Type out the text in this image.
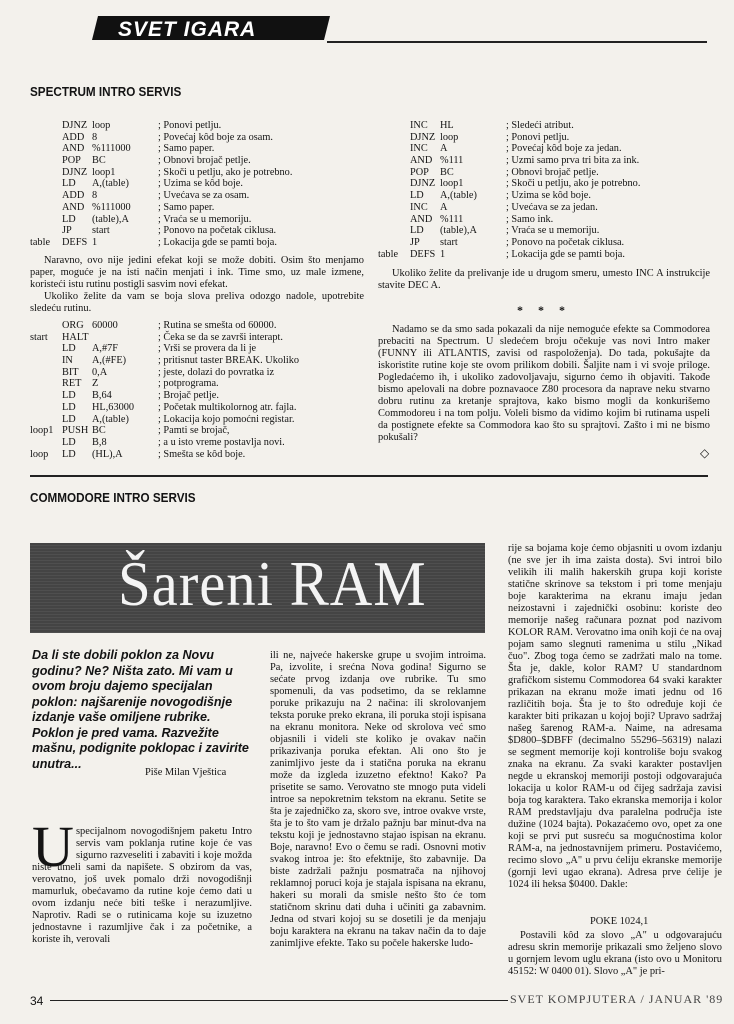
SVET IGARA
SPECTRUM INTRO SERVIS
DJNZ loop	; Ponovi petlju.
ADD 8	; Povećaj kôd boje za osam.
AND %111000	; Samo paper.
POP BC	; Obnovi brojač petlje.
DJNZ loop1	; Skoči u petlju, ako je potrebno.
LD A,(table)	; Uzima se kôd boje.
ADD 8	; Uvećava se za osam.
AND %111000	; Samo paper.
LD (table),A	; Vraća se u memoriju.
JP start	; Ponovo na početak ciklusa.
table DEFS 1	; Lokacija gde se pamti boja.

Naravno, ovo nije jedini efekat koji se može dobiti. Osim što menjamo paper, moguće je na isti način menjati i ink. Time smo, uz male izmene, koristeći istu rutinu postigli sasvim novi efekat.

Ukoliko želite da vam se boja slova preliva odozgo nadole, upotrebite sledeću rutinu.

ORG 60000	; Rutina se smešta od 60000.
start HALT	; Čeka se da se završi interapt.
LD A,#7F	; Vrši se provera da li je
IN A,(#FE)	; pritisnut taster BREAK. Ukoliko
BIT 0,A	; jeste, dolazi do povratka iz
RET Z	; potprograma.
LD B,64	; Brojač petlje.
LD HL,63000 ; Početak multikolornog atr. fajla.
LD A,(table)	; Lokacija kojo pomoćni registar.
loop1 PUSH BC	; Pamti se brojač,
LD B,8	; a u isto vreme postavlja novi.
loop LD (HL),A	; Smešta se kôd boje.
INC HL	; Sledeći atribut.
DJNZ loop	; Ponovi petlju.
INC A	; Povećaj kôd boje za jedan.
AND %111	; Uzmi samo prva tri bita za ink.
POP BC	; Obnovi brojač petlje.
DJNZ loop1	; Skoči u petlju, ako je potrebno.
LD A,(table)	; Uzima se kôd boje.
INC A	; Uvećava se za jedan.
AND %111	; Samo ink.
LD (table),A	; Vraća se u memoriju.
JP start	; Ponovo na početak ciklusa.
table DEFS 1	; Lokacija gde se pamti boja.

Ukoliko želite da prelivanje ide u drugom smeru, umesto INC A instrukcije stavite DEC A.

* * *

Nadamo se da smo sada pokazali da nije nemoguće efekte sa Commodorea prebaciti na Spectrum. U sledećem broju očekuje vas novi Intro maker (FUNNY ili ATLANTIS, zavisi od raspoloženja). Do tada, pokušajte da iskoristite rutine koje ste ovom prilikom dobili. Šaljite nam i vi svoje priloge. Pogledaćemo ih, i ukoliko zadovoljavaju, sigurno ćemo ih objaviti. Takođe bismo apelovali na dobre poznavaoce Z80 procesora da naprave neku stvarno dobru rutinu za kretanje sprajtova, kako bismo mogli da konkurišemo Commodoreu i na tom polju. Voleli bismo da vidimo kojim bi rutinama uspeli da postignete efekte sa Commodora kao što su sprajtovi. Zašto i mi ne bismo pokušali?

◇
COMMODORE INTRO SERVIS
Šareni RAM
Da li ste dobili poklon za Novu godinu? Ne? Ništa zato. Mi vam u ovom broju dajemo specijalan poklon: najšarenije novogodišnje izdanje vaše omiljene rubrike. Poklon je pred vama. Razvežite mašnu, podignite poklopac i zavirite unutra...
Piše Milan Vještica
U specijalnom novogodišnjem paketu Intro servis vam poklanja rutine koje će vas sigurno razveseliti i zabaviti i koje možda niste umeli sami da napišete. S obzirom da vas, verovatno, još uvek pomalo drži novogodišnji mamurluk, obećavamo da rutine koje ćemo dati u ovom izdanju neće biti teške i nerazumljive. Naprotiv. Radi se o rutinicama koje su izuzetno jednostavne i razumljive čak i za početnike, a koriste ih, verovali
ili ne, najveće hakerske grupe u svojim introima. Pa, izvolite, i srećna Nova godina! Sigurno se sećate prvog izdanja ove rubrike. Tu smo spomenuli, da vas podsetimo, da se reklamne poruke prikazuju na 2 načina: ili skrolovanjem teksta poruke preko ekrana, ili poruka stoji ispisana na ekranu monitora. Neke od skrolova već smo objasnili i videli ste koliko je ovakav način prikazivanja poruka efektan. Ali ono što je zanimljivo jeste da i statična poruka na ekranu može da izgleda izuzetno efektno! Kako? Pa prisetite se samo. Verovatno ste mnogo puta videli introe sa nepokretnim tekstom na ekranu. Setite se šta je zajedničko za, skoro sve, introe ovakve vrste, šta je to što vam je držalo pažnju bar minut-dva na tekstu koji je jednostavno stajao ispisan na ekranu. Boje, naravno! Evo o čemu se radi. Osnovni motiv svakog introa je: što efektnije, što zabavnije. Da biste zadržali pažnju posmatrača na njihovoj reklamnoj poruci koja je stajala ispisana na ekranu, hakeri su morali da smisle nešto što će tom statičnom skrinu dati duha i učiniti ga zabavnim. Jedna od stvari kojoj su se dosetili je da menjaju boju karaktera na ekranu na takav način da to daje zanimljive efekte. Tako su počele hakerske ludo-
rije sa bojama koje ćemo objasniti u ovom izdanju (ne sve jer ih ima zaista dosta). Svi introi bilo velikih ili malih hakerskih grupa koji koriste statične skrinove sa tekstom i pri tome menjaju boje karakterima na ekranu imaju jedan neizostavni i zajednički osobinu: koriste deo memorije našeg računara poznat pod nazivom KOLOR RAM. Verovatno ima onih koji će na ovaj pojam samo slegnuti ramenima u stilu „Nikad čuo". Zbog toga ćemo se zadržati malo na tome. Šta je, dakle, kolor RAM? U standardnom grafičkom sistemu Commodorea 64 svaki karakter prikazan na ekranu može imati jednu od 16 različitih boja. Šta je to što određuje koji će karakter biti prikazan u kojoj boji? Upravo sadržaj našeg šarenog RAM-a. Naime, na adresama $D800–$DBFF (decimalno 55296–56319) nalazi se segment memorije koji kontroliše boju svakog znaka na ekranu. Za svaki karakter postavljen negde u ekranskoj memoriji postoji odgovarajuća lokacija u kolor RAM-u od čijeg sadržaja zavisi boja tog karaktera. Tako ekranska memorija i kolor RAM predstavljaju dva paralelna područja iste dužine (1024 bajta). Pokazaćemo ovo, opet za one koji se prvi put susreću sa mogućnostima kolor RAM-a, na jednostavnijem primeru. Postavićemo, recimo slovo „A" u prvu ćeliju ekranske memorije (gornji levi ugao ekrana). Adresa prve ćelije je 1024 ili heksa $0400. Dakle:
POKE 1024,1

Postavili kôd za slovo „A" u odgovarajuću adresu skrin memorije prikazali smo željeno slovo u gornjem levom uglu ekrana (isto ovo u Monitoru 45152: W 0400 01). Slovo „A" je pri-

34	SVET KOMPJUTERA / JANUAR '89
